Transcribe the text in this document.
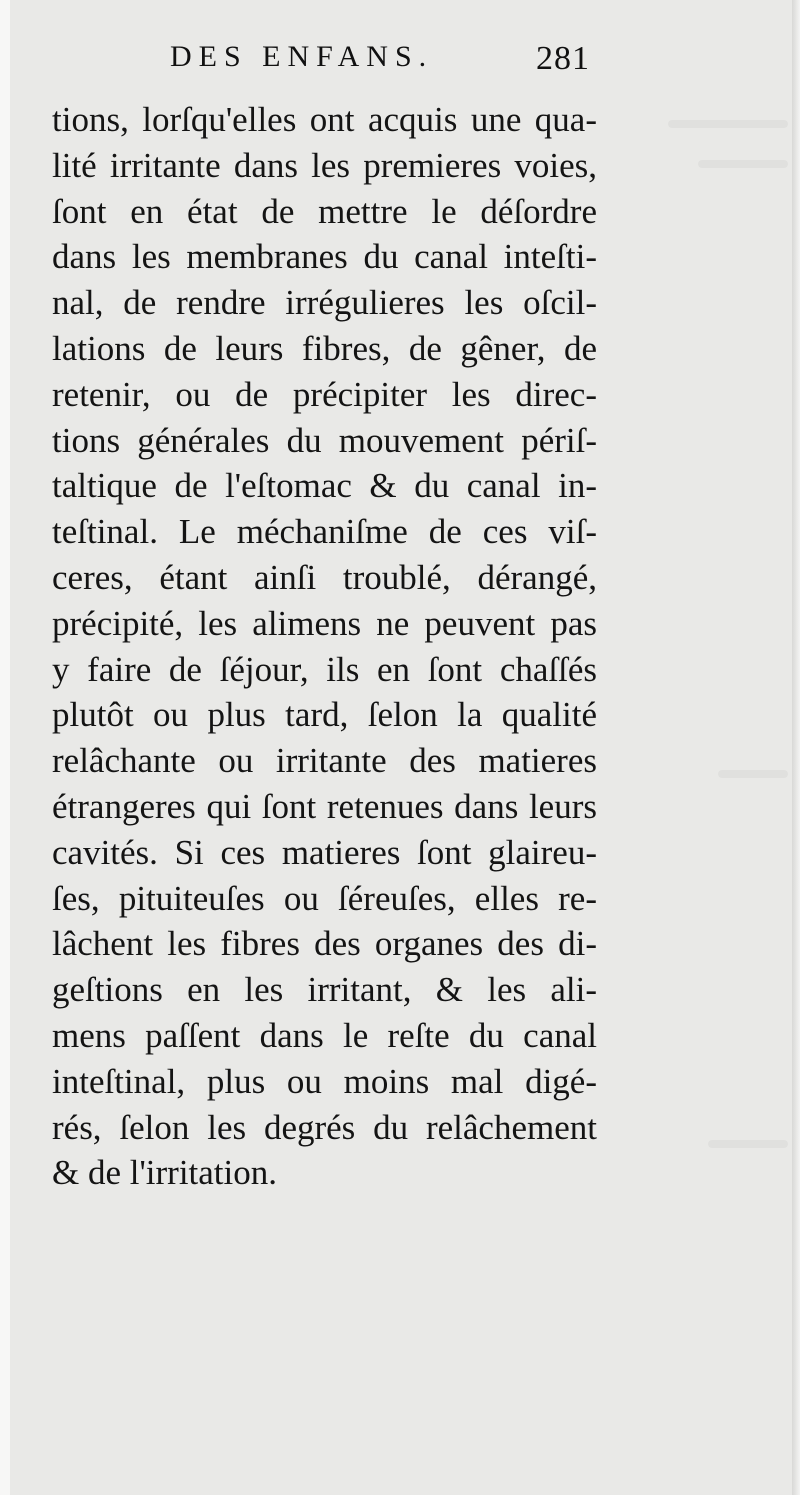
DES ENFANS.	281
tions, lorſqu'elles ont acquis une qua-
lité irritante dans les premieres voies,
ſont en état de mettre le déſordre
dans les membranes du canal inteſti-
nal, de rendre irrégulieres les oſcil-
lations de leurs fibres, de gêner, de
retenir, ou de précipiter les direc-
tions générales du mouvement périſ-
taltique de l'eſtomac & du canal in-
teſtinal. Le méchaniſme de ces viſ-
ceres, étant ainſi troublé, dérangé,
précipité, les alimens ne peuvent pas
y faire de ſéjour, ils en ſont chaſſés
plutôt ou plus tard, ſelon la qualité
relâchante ou irritante des matieres
étrangeres qui ſont retenues dans leurs
cavités. Si ces matieres ſont glaireu-
ſes, pituiteuſes ou ſéreuſes, elles re-
lâchent les fibres des organes des di-
geſtions en les irritant, & les ali-
mens paſſent dans le reſte du canal
inteſtinal, plus ou moins mal digé-
rés, ſelon les degrés du relâchement
& de l'irritation.
